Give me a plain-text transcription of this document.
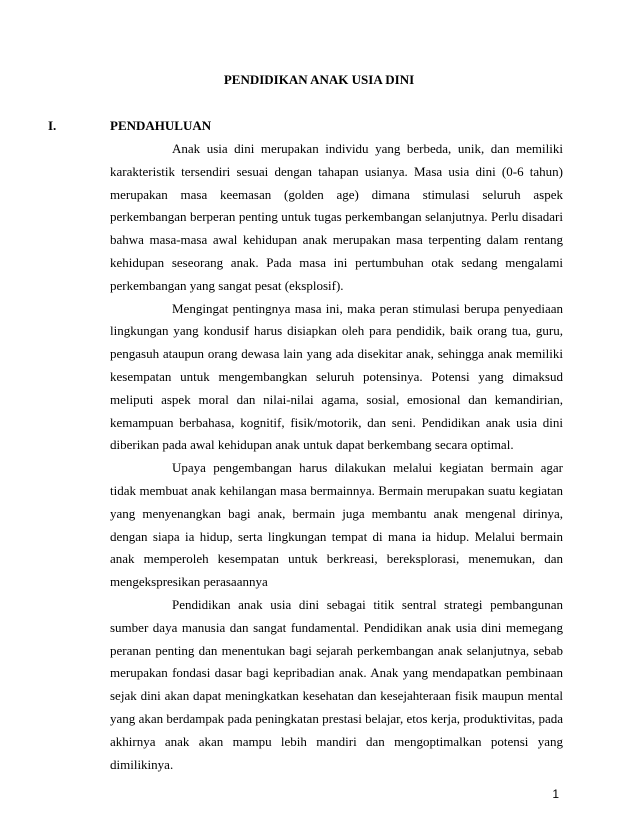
PENDIDIKAN ANAK USIA DINI
I.	PENDAHULUAN

Anak usia dini merupakan individu yang berbeda, unik, dan memiliki karakteristik tersendiri sesuai dengan tahapan usianya. Masa usia dini (0-6 tahun) merupakan masa keemasan (golden age) dimana stimulasi seluruh aspek perkembangan berperan penting untuk tugas perkembangan selanjutnya. Perlu disadari bahwa masa-masa awal kehidupan anak merupakan masa terpenting dalam rentang kehidupan seseorang anak. Pada masa ini pertumbuhan otak sedang mengalami perkembangan yang sangat pesat (eksplosif).

Mengingat pentingnya masa ini, maka peran stimulasi berupa penyediaan lingkungan yang kondusif harus disiapkan oleh para pendidik, baik orang tua, guru, pengasuh ataupun orang dewasa lain yang ada disekitar anak, sehingga anak memiliki kesempatan untuk mengembangkan seluruh potensinya. Potensi yang dimaksud meliputi aspek moral dan nilai-nilai agama, sosial, emosional dan kemandirian, kemampuan berbahasa, kognitif, fisik/motorik, dan seni. Pendidikan anak usia dini diberikan pada awal kehidupan anak untuk dapat berkembang secara optimal.

Upaya pengembangan harus dilakukan melalui kegiatan bermain agar tidak membuat anak kehilangan masa bermainnya. Bermain merupakan suatu kegiatan yang menyenangkan bagi anak, bermain juga membantu anak mengenal dirinya, dengan siapa ia hidup, serta lingkungan tempat di mana ia hidup. Melalui bermain anak memperoleh kesempatan untuk berkreasi, bereksplorasi, menemukan, dan mengekspresikan perasaannya

Pendidikan anak usia dini sebagai titik sentral strategi pembangunan sumber daya manusia dan sangat fundamental. Pendidikan anak usia dini memegang peranan penting dan menentukan bagi sejarah perkembangan anak selanjutnya, sebab merupakan fondasi dasar bagi kepribadian anak. Anak yang mendapatkan pembinaan sejak dini akan dapat meningkatkan kesehatan dan kesejahteraan fisik maupun mental yang akan berdampak pada peningkatan prestasi belajar, etos kerja, produktivitas, pada akhirnya anak akan mampu lebih mandiri dan mengoptimalkan potensi yang dimilikinya.

1
